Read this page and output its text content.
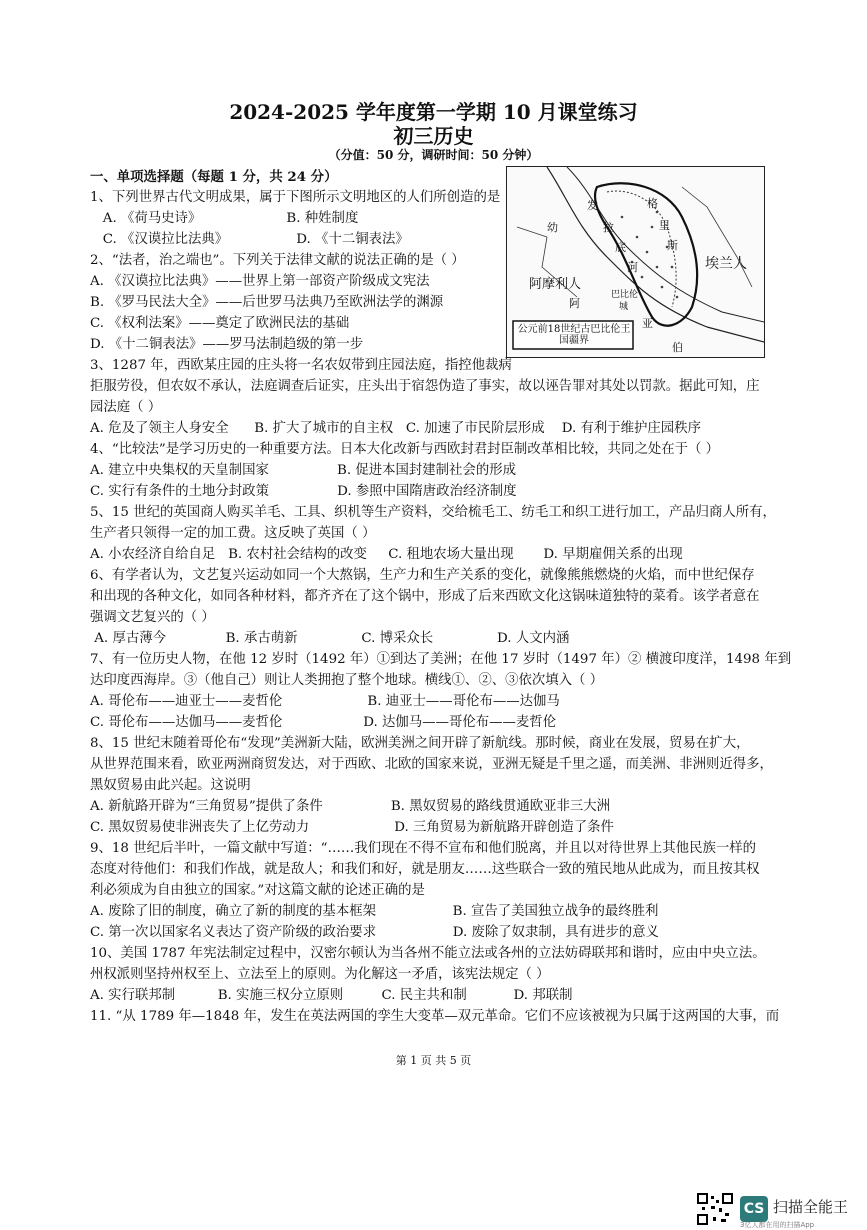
2024-2025 学年度第一学期 10 月课堂练习
初三历史
（分值：50 分，调研时间：50 分钟）
一、单项选择题（每题 1 分，共 24 分）
阿摩利人
埃兰人
亚
伯
幼
发
拉
底
河
格
里
斯
巴比伦
城
阿
公元前18世纪古巴比伦王国疆界
1、下列世界古代文明成果，属于下图所示文明地区的人们所创造的是
A. 《荷马史诗》                    B. 种姓制度
C. 《汉谟拉比法典》                D. 《十二铜表法》
2、“法者，治之端也”。下列关于法律文献的说法正确的是（ ）
A. 《汉谟拉比法典》——世界上第一部资产阶级成文宪法
B. 《罗马民法大全》——后世罗马法典乃至欧洲法学的渊源
C. 《权利法案》——奠定了欧洲民法的基础
D. 《十二铜表法》——罗马法制趋级的第一步
3、1287 年，西欧某庄园的庄头将一名农奴带到庄园法庭，指控他裁病
拒服劳役，但农奴不承认，法庭调查后证实，庄头出于宿怨伪造了事实，故以诬告罪对其处以罚款。据此可知，庄
园法庭（ ）
A. 危及了领主人身安全      B. 扩大了城市的自主权   C. 加速了市民阶层形成    D. 有利于维护庄园秩序
4、“比较法”是学习历史的一种重要方法。日本大化改新与西欧封君封臣制改革相比较，共同之处在于（ ）
A. 建立中央集权的天皇制国家                B. 促进本国封建制社会的形成
C. 实行有条件的土地分封政策                D. 参照中国隋唐政治经济制度
5、15 世纪的英国商人购买羊毛、工具、织机等生产资料，交给梳毛工、纺毛工和织工进行加工，产品归商人所有，
生产者只领得一定的加工费。这反映了英国（ ）
A. 小农经济自给自足   B. 农村社会结构的改变     C. 租地农场大量出现       D. 早期雇佣关系的出现
6、有学者认为，文艺复兴运动如同一个大熬锅，生产力和生产关系的变化，就像熊熊燃烧的火焰，而中世纪保存
和出现的各种文化，如同各种材料，都齐齐在了这个锅中，形成了后来西欧文化这锅味道独特的菜肴。该学者意在
强调文艺复兴的（ ）
A. 厚古薄今              B. 承古萌新               C. 博采众长               D. 人文内涵
7、有一位历史人物，在他 12 岁时（1492 年）①到达了美洲；在他 17 岁时（1497 年）② 横渡印度洋，1498 年到
达印度西海岸。③（他自己）则让人类拥抱了整个地球。横线①、②、③依次填入（ ）
A. 哥伦布——迪亚士——麦哲伦                    B. 迪亚士——哥伦布——达伽马
C. 哥伦布——达伽马——麦哲伦                   D. 达伽马——哥伦布——麦哲伦
8、15 世纪末随着哥伦布“发现”美洲新大陆，欧洲美洲之间开辟了新航线。那时候，商业在发展，贸易在扩大，
从世界范围来看，欧亚两洲商贸发达，对于西欧、北欧的国家来说，亚洲无疑是千里之遥，而美洲、非洲则近得多，
黑奴贸易由此兴起。这说明
A. 新航路开辟为“三角贸易”提供了条件                B. 黑奴贸易的路线贯通欧亚非三大洲
C. 黑奴贸易使非洲丧失了上亿劳动力                    D. 三角贸易为新航路开辟创造了条件
9、18 世纪后半叶，一篇文献中写道：“……我们现在不得不宣布和他们脱离，并且以对待世界上其他民族一样的
态度对待他们：和我们作战，就是敌人；和我们和好，就是朋友……这些联合一致的殖民地从此成为，而且按其权
利必须成为自由独立的国家。”对这篇文献的论述正确的是
A. 废除了旧的制度，确立了新的制度的基本框架                  B. 宣告了美国独立战争的最终胜利
C. 第一次以国家名义表达了资产阶级的政治要求                  D. 废除了奴隶制，具有进步的意义
10、美国 1787 年宪法制定过程中，汉密尔顿认为当各州不能立法或各州的立法妨碍联邦和谐时，应由中央立法。
州权派则坚持州权至上、立法至上的原则。为化解这一矛盾，该宪法规定（ ）
A. 实行联邦制          B. 实施三权分立原则         C. 民主共和制           D. 邦联制
11. “从 1789 年—1848 年，发生在英法两国的孪生大变革—双元革命。它们不应该被视为只属于这两国的大事，而
第 1 页 共 5 页
CS 扫描全能王
3亿人都在用的扫描App
